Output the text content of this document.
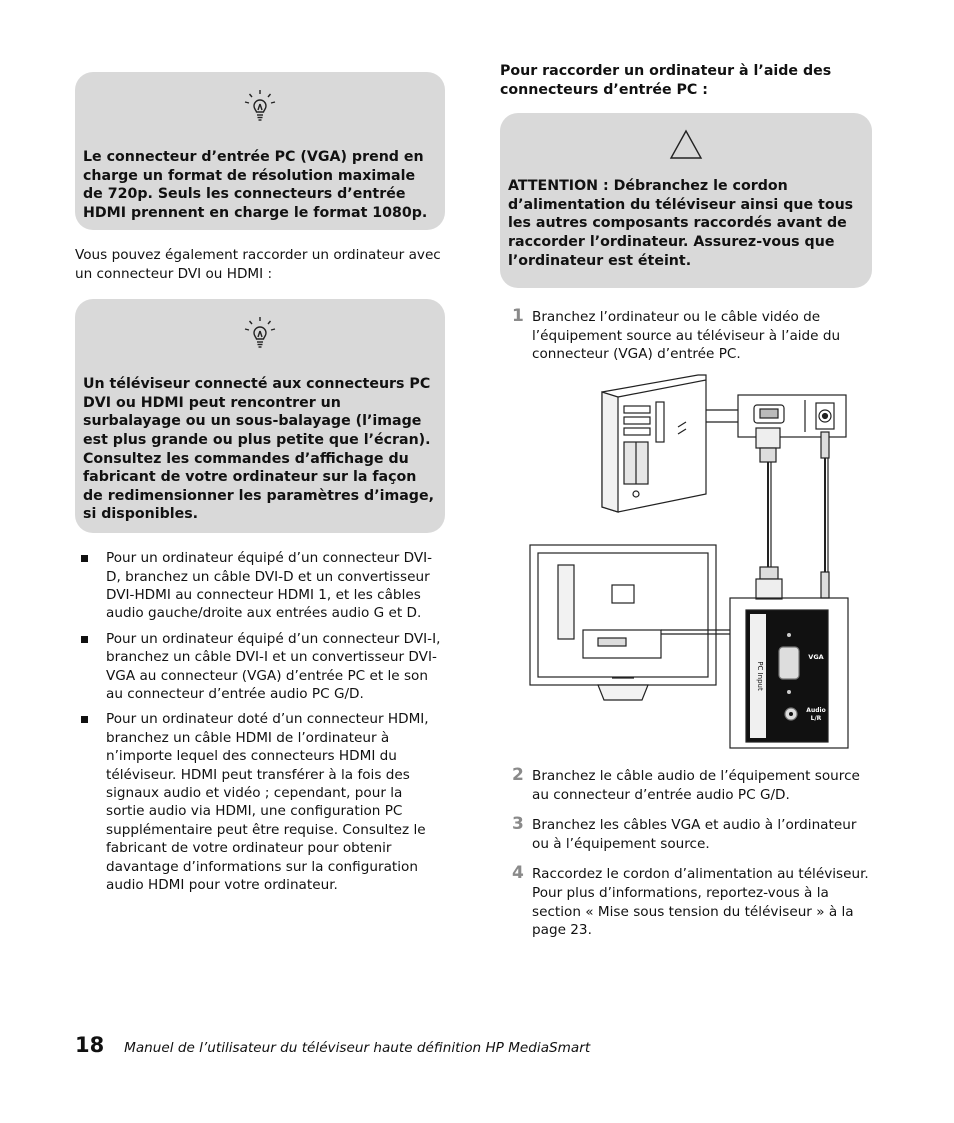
Le connecteur d’entrée PC (VGA) prend en charge un format de résolution maximale de 720p. Seuls les connecteurs d’entrée HDMI prennent en charge le format 1080p.

Vous pouvez également raccorder un ordinateur avec un connecteur DVI ou HDMI :

Un téléviseur connecté aux connecteurs PC DVI ou HDMI peut rencontrer un surbalayage ou un sous-balayage (l’image est plus grande ou plus petite que l’écran). Consultez les commandes d’affichage du fabricant de votre ordinateur sur la façon de redimensionner les paramètres d’image, si disponibles.

Pour un ordinateur équipé d’un connecteur DVI-D, branchez un câble DVI-D et un convertisseur DVI-HDMI au connecteur HDMI 1, et les câbles audio gauche/droite aux entrées audio G et D.
Pour un ordinateur équipé d’un connecteur DVI-I, branchez un câble DVI-I et un convertisseur DVI-VGA au connecteur (VGA) d’entrée PC et le son au connecteur d’entrée audio PC G/D.
Pour un ordinateur doté d’un connecteur HDMI, branchez un câble HDMI de l’ordinateur à n’importe lequel des connecteurs HDMI du téléviseur. HDMI peut transférer à la fois des signaux audio et vidéo ; cependant, pour la sortie audio via HDMI, une configuration PC supplémentaire peut être requise. Consultez le fabricant de votre ordinateur pour obtenir davantage d’informations sur la configuration audio HDMI pour votre ordinateur.

Pour raccorder un ordinateur à l’aide des connecteurs d’entrée PC :

ATTENTION : Débranchez le cordon d’alimentation du téléviseur ainsi que tous les autres composants raccordés avant de raccorder l’ordinateur. Assurez-vous que l’ordinateur est éteint.

1 Branchez l’ordinateur ou le câble vidéo de l’équipement source au téléviseur à l’aide du connecteur (VGA) d’entrée PC.
PC Input
VGA
Audio
L/R
2 Branchez le câble audio de l’équipement source au connecteur d’entrée audio PC G/D.
3 Branchez les câbles VGA et audio à l’ordinateur ou à l’équipement source.
4 Raccordez le cordon d’alimentation au téléviseur. Pour plus d’informations, reportez-vous à la section « Mise sous tension du téléviseur » à la page 23.
18 Manuel de l’utilisateur du téléviseur haute définition HP MediaSmart
